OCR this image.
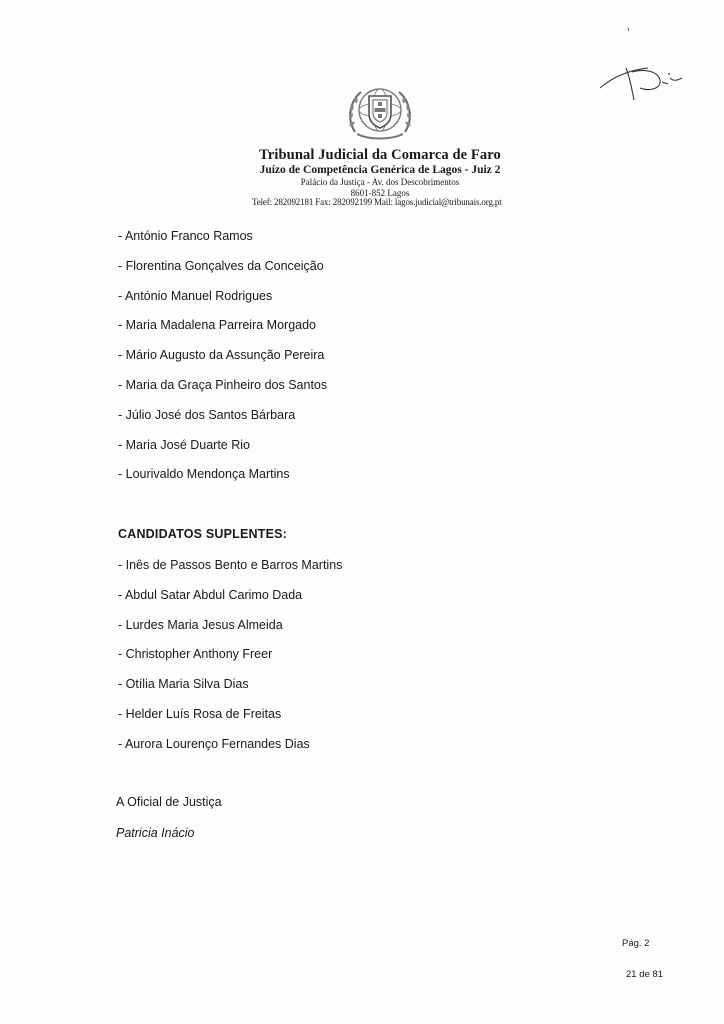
Tribunal Judicial da Comarca de Faro
Juízo de Competência Genérica de Lagos - Juiz 2
Palácio da Justiça - Av. dos Descobrimentos
8601-852 Lagos
Telef: 282092181 Fax: 282092199 Mail: lagos.judicial@tribunais.org.pt
- António Franco Ramos
- Florentina Gonçalves da Conceição
- António Manuel Rodrigues
- Maria Madalena Parreira Morgado
- Mário Augusto da Assunção Pereira
- Maria da Graça Pinheiro dos Santos
- Júlio José dos Santos Bárbara
- Maria José Duarte Rio
- Lourivaldo Mendonça Martins
CANDIDATOS SUPLENTES:
- Inês de Passos Bento e Barros Martins
- Abdul Satar Abdul Carimo Dada
- Lurdes Maria Jesus Almeida
- Christopher Anthony Freer
- Otília Maria Silva Dias
- Helder Luís Rosa de Freitas
- Aurora Lourenço Fernandes Dias
A Oficial de Justiça
Patricia Inácio
Pág. 2
21 de 81
